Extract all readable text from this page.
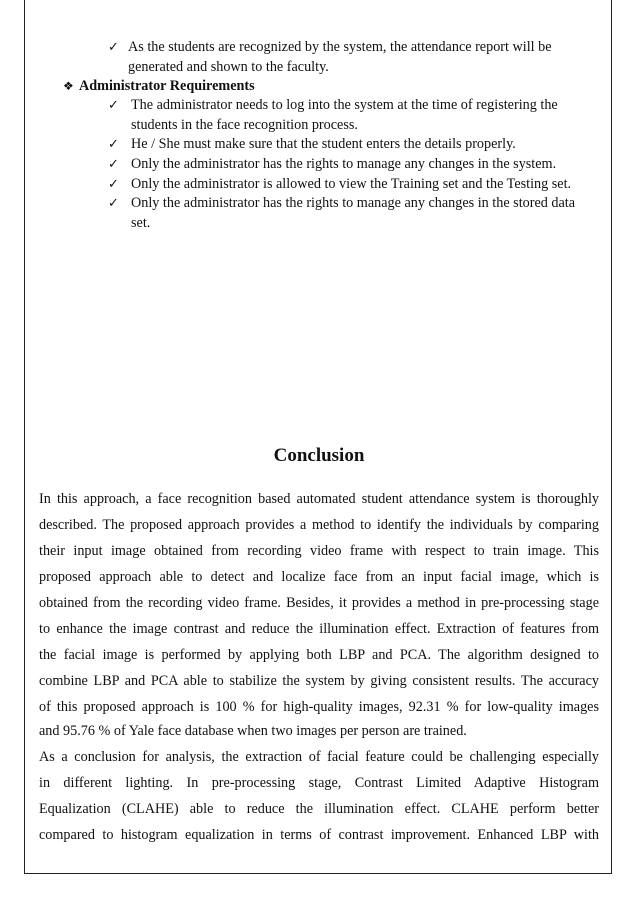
✓ As the students are recognized by the system, the attendance report will be
generated and shown to the faculty.
❖ Administrator Requirements
✓ The administrator needs to log into the system at the time of registering the
students in the face recognition process.
✓ He / She must make sure that the student enters the details properly.
✓ Only the administrator has the rights to manage any changes in the system.
✓ Only the administrator is allowed to view the Training set and the Testing set.
✓ Only the administrator has the rights to manage any changes in the stored data
set.
Conclusion
In this approach, a face recognition based automated student attendance system is thoroughly
described. The proposed approach provides a method to identify the individuals by comparing
their input image obtained from recording video frame with respect to train image. This
proposed approach able to detect and localize face from an input facial image, which is
obtained from the recording video frame. Besides, it provides a method in pre-processing stage
to enhance the image contrast and reduce the illumination effect. Extraction of features from
the facial image is performed by applying both LBP and PCA. The algorithm designed to
combine LBP and PCA able to stabilize the system by giving consistent results. The accuracy
of this proposed approach is 100 % for high-quality images, 92.31 % for low-quality images
and 95.76 % of Yale face database when two images per person are trained.
As a conclusion for analysis, the extraction of facial feature could be challenging especially
in different lighting. In pre-processing stage, Contrast Limited Adaptive Histogram
Equalization (CLAHE) able to reduce the illumination effect. CLAHE perform better
compared to histogram equalization in terms of contrast improvement. Enhanced LBP with
